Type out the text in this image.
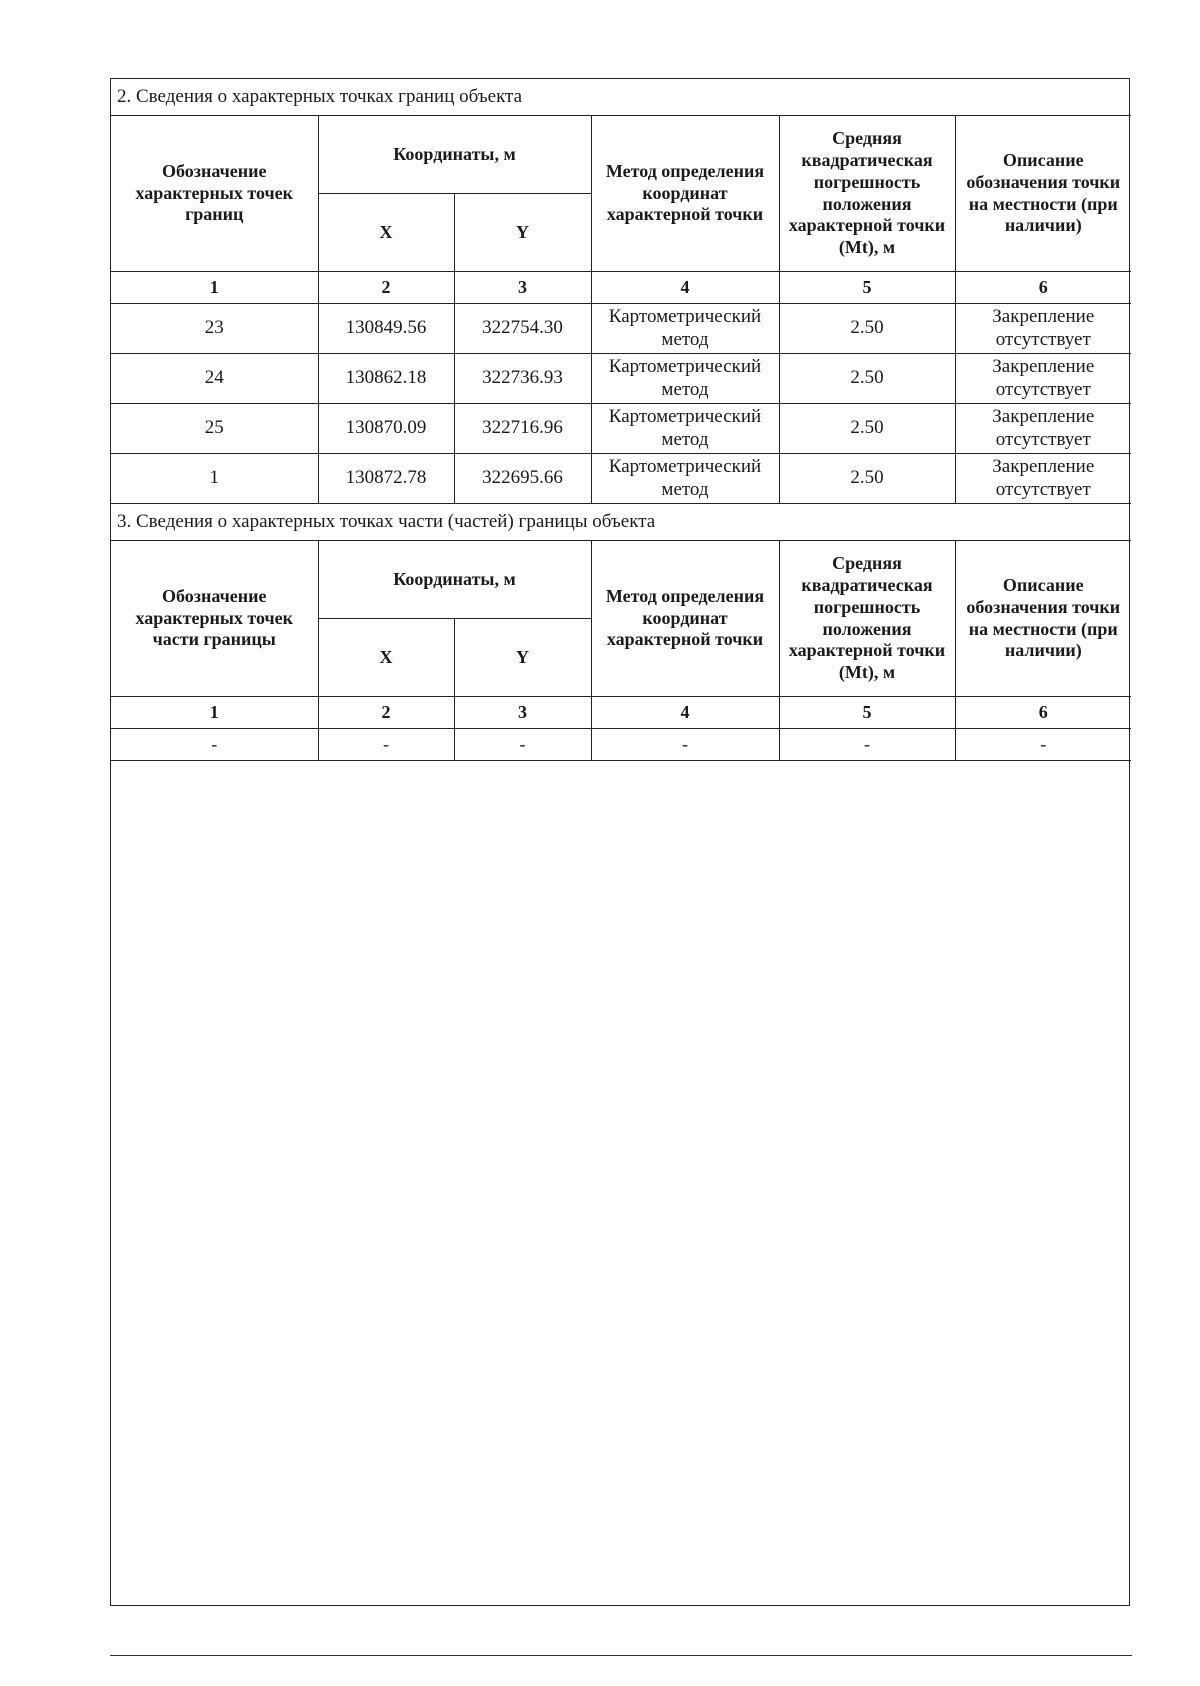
2. Сведения о характерных точках границ объекта					
Обозначение характерных точек границ	Координаты, м		Метод определения координат характерной точки	Средняя квадратическая погрешность положения характерной точки (Mt), м	Описание обозначения точки на местности (при наличии)
	X	Y			
1	2	3	4	5	6
23	130849.56	322754.30	Картометрический метод	2.50	Закрепление отсутствует
24	130862.18	322736.93	Картометрический метод	2.50	Закрепление отсутствует
25	130870.09	322716.96	Картометрический метод	2.50	Закрепление отсутствует
1	130872.78	322695.66	Картометрический метод	2.50	Закрепление отсутствует
3. Сведения о характерных точках части (частей) границы объекта					
Обозначение характерных точек части границы	Координаты, м		Метод определения координат характерной точки	Средняя квадратическая погрешность положения характерной точки (Mt), м	Описание обозначения точки на местности (при наличии)
	X	Y			
1	2	3	4	5	6
-	-	-	-	-	-
